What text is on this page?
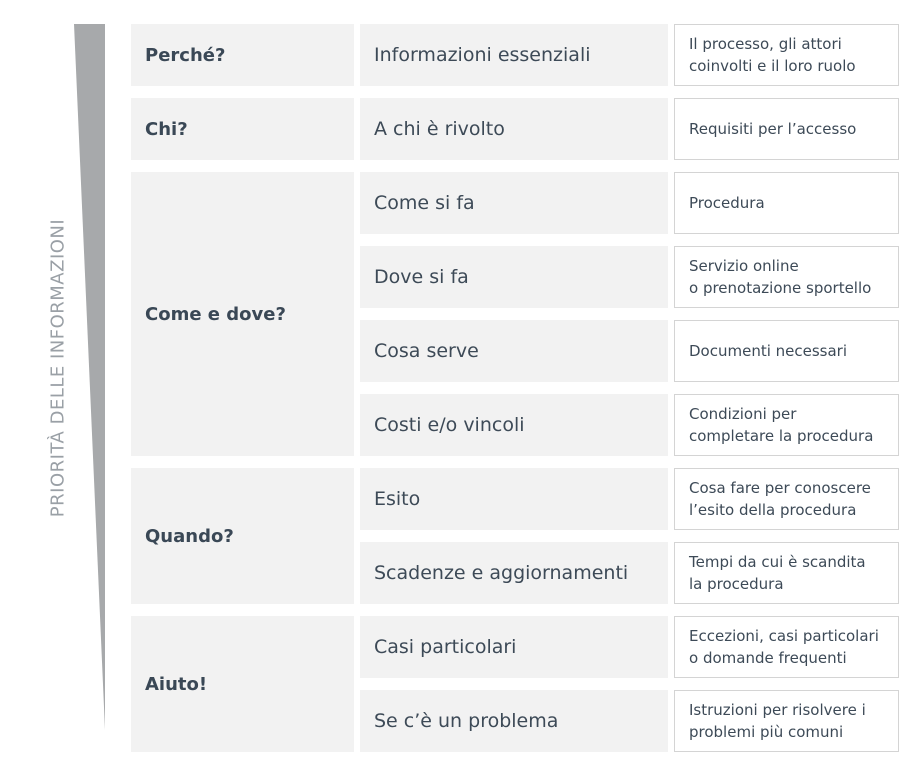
PRIORITÀ DELLE INFORMAZIONI
Perché?	Informazioni essenziali	Il processo, gli attori
coinvolti e il loro ruolo
Chi?	A chi è rivolto	Requisiti per l’accesso
Come e dove?
Come si fa	Procedura
Dove si fa	Servizio online
o prenotazione sportello
Cosa serve	Documenti necessari
Costi e/o vincoli	Condizioni per
completare la procedura
Quando?
Esito	Cosa fare per conoscere
l’esito della procedura
Scadenze e aggiornamenti	Tempi da cui è scandita
la procedura
Aiuto!
Casi particolari	Eccezioni, casi particolari
o domande frequenti
Se c’è un problema	Istruzioni per risolvere i
problemi più comuni
